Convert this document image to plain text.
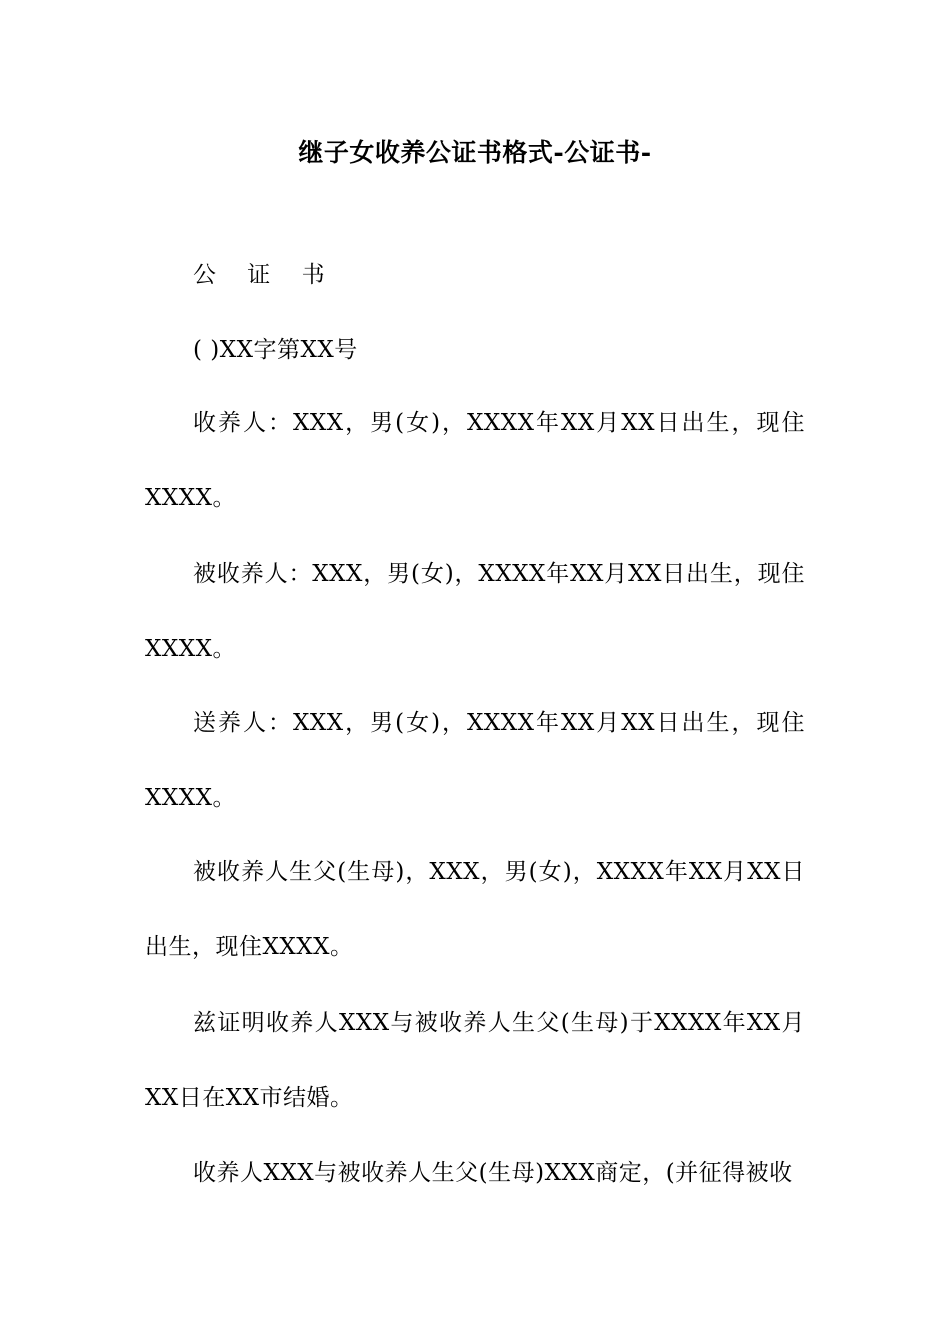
继子女收养公证书格式-公证书-
公 证 书
( )XX字第XX号
收养人：XXX，男(女)，XXXX年XX月XX日出生，现住XXXX。
被收养人：XXX，男(女)，XXXX年XX月XX日出生，现住XXXX。
送养人：XXX，男(女)，XXXX年XX月XX日出生，现住XXXX。
被收养人生父(生母)，XXX，男(女)，XXXX年XX月XX日出生，现住XXXX。
兹证明收养人XXX与被收养人生父(生母)于XXXX年XX月XX日在XX市结婚。
收养人XXX与被收养人生父(生母)XXX商定，(并征得被收
